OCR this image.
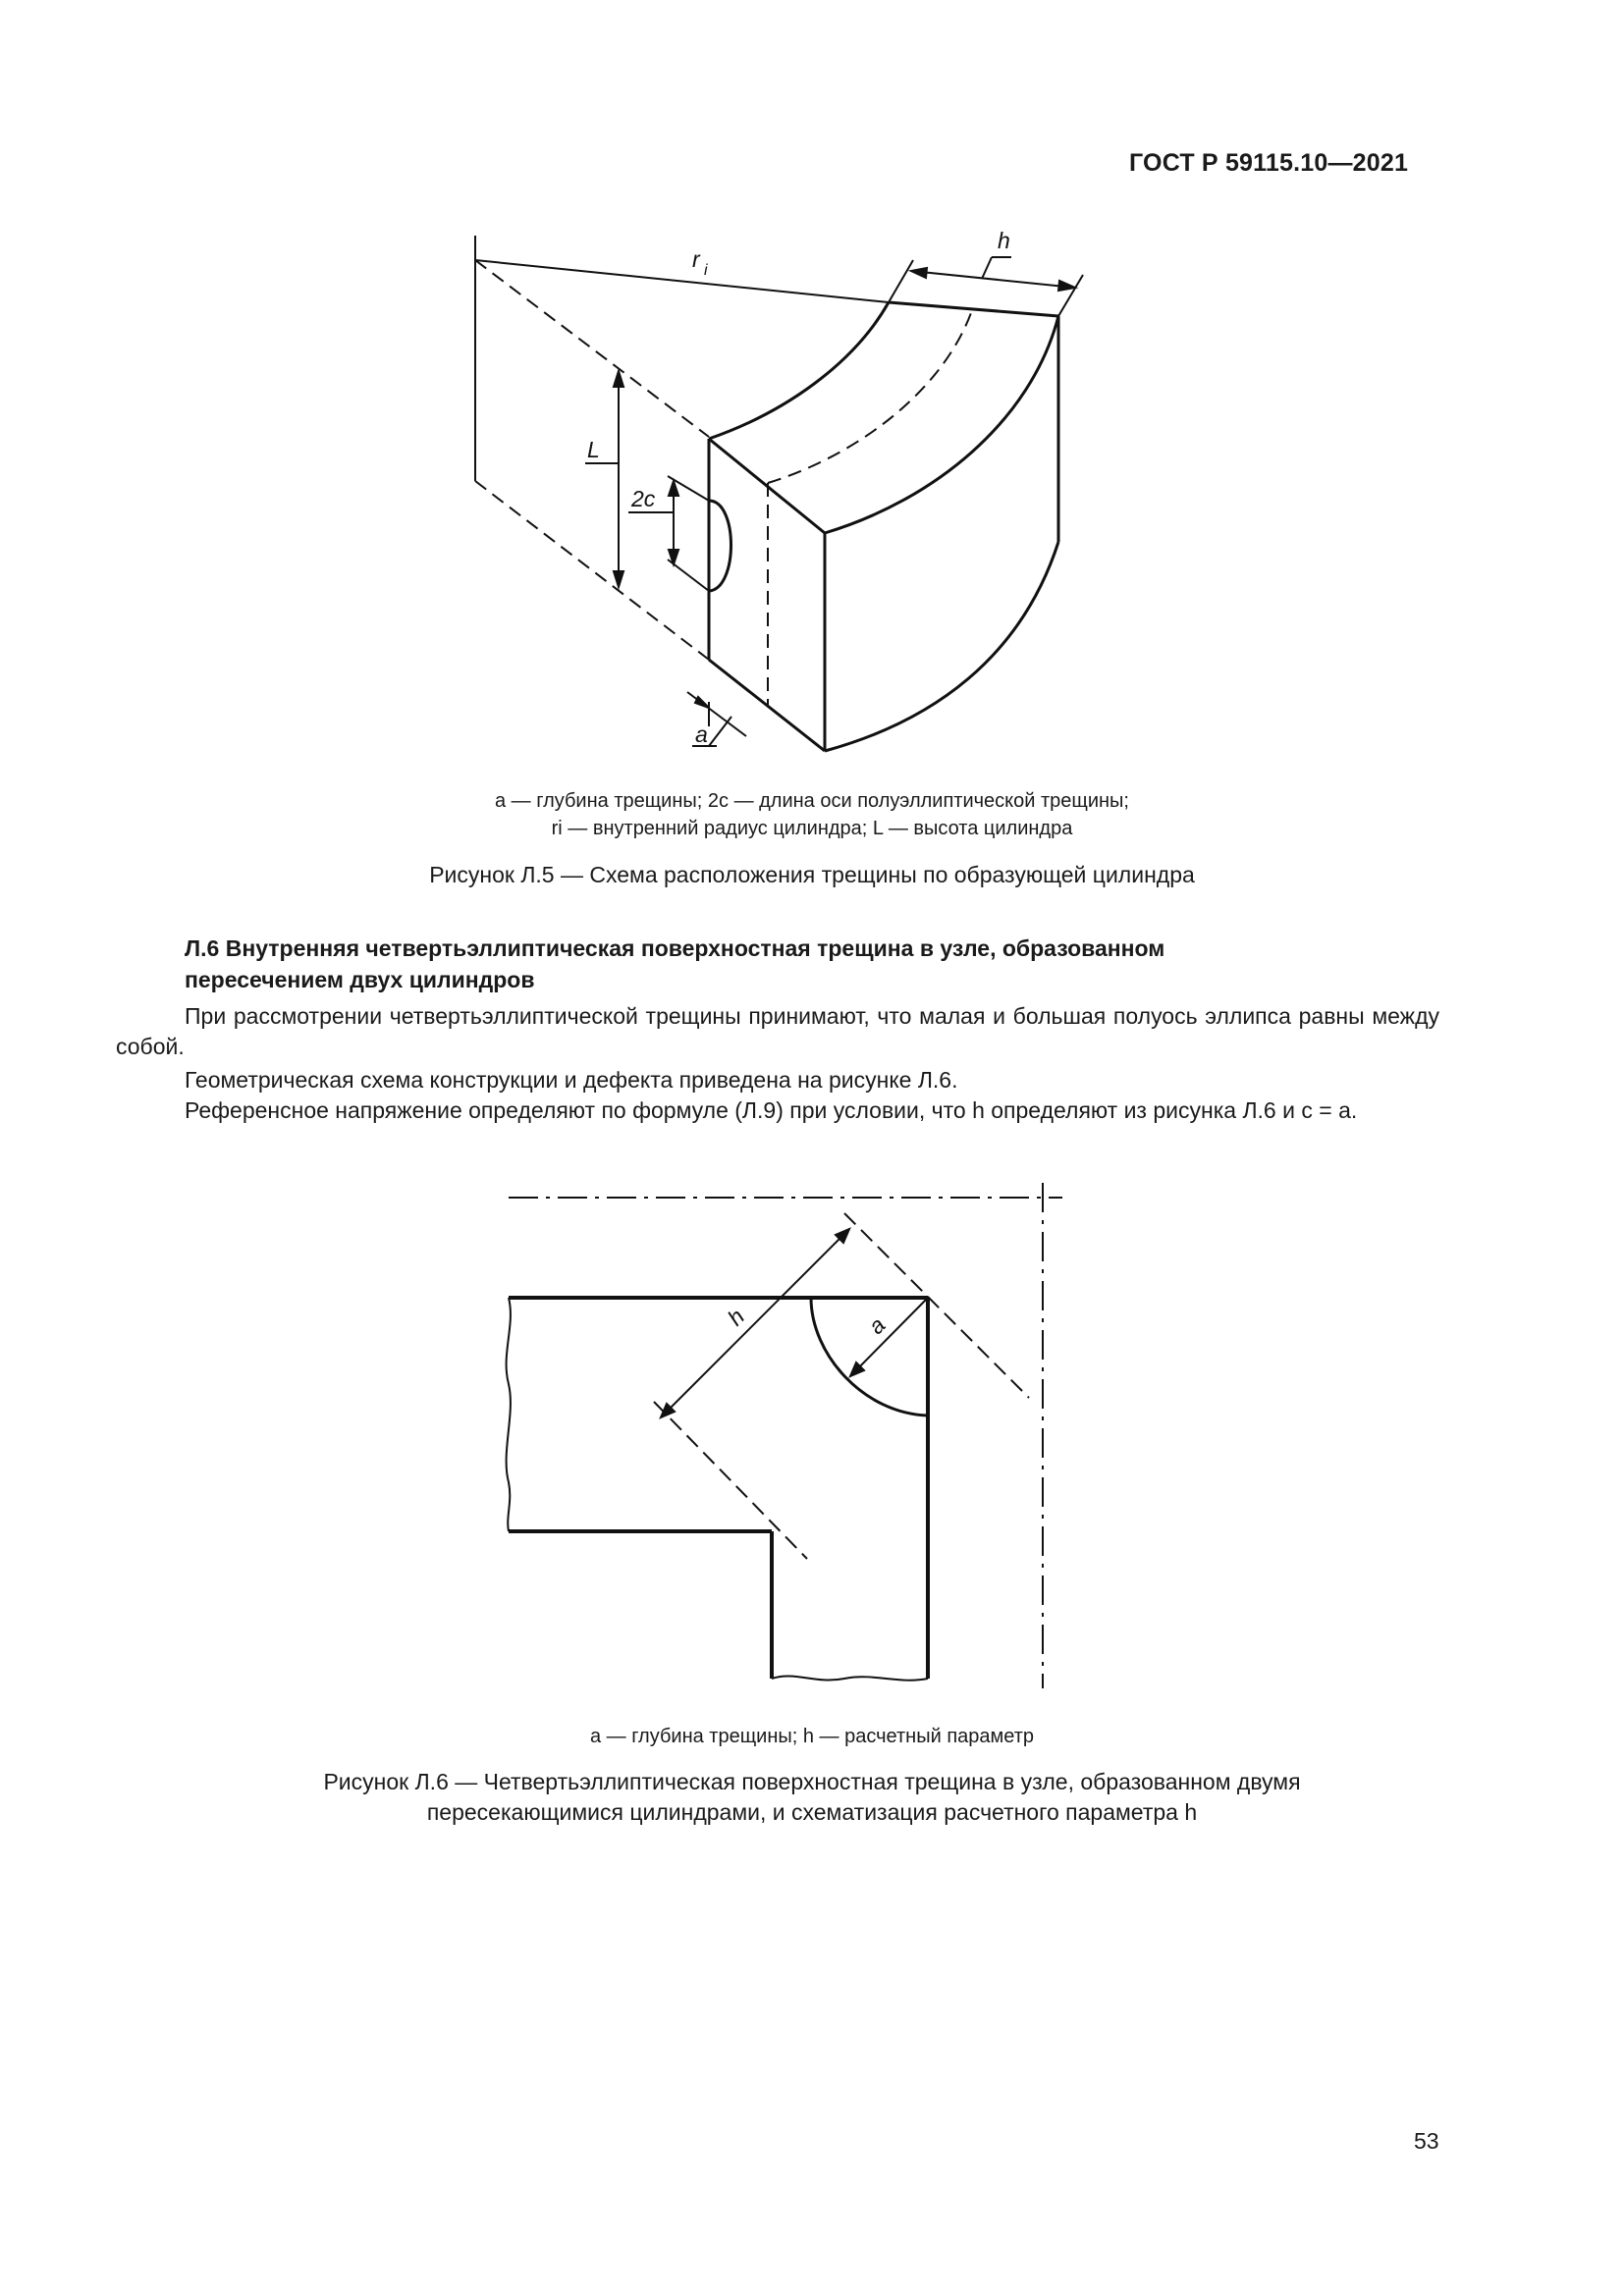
ГОСТ Р 59115.10—2021
r i
h
L
2c
a
a — глубина трещины; 2c — длина оси полуэллиптической трещины;
ri — внутренний радиус цилиндра; L — высота цилиндра
Рисунок Л.5 — Схема расположения трещины по образующей цилиндра
Л.6 Внутренняя четвертьэллиптическая поверхностная трещина в узле, образованном
пересечением двух цилиндров
При рассмотрении четвертьэллиптической трещины принимают, что малая и большая полуось эллипса равны между собой.
Геометрическая схема конструкции и дефекта приведена на рисунке Л.6.
Референсное напряжение определяют по формуле (Л.9) при условии, что h определяют из рисунка Л.6 и c = a.
h	a
a — глубина трещины; h — расчетный параметр
Рисунок Л.6 — Четвертьэллиптическая поверхностная трещина в узле, образованном двумя
пересекающимися цилиндрами, и схематизация расчетного параметра h
53
